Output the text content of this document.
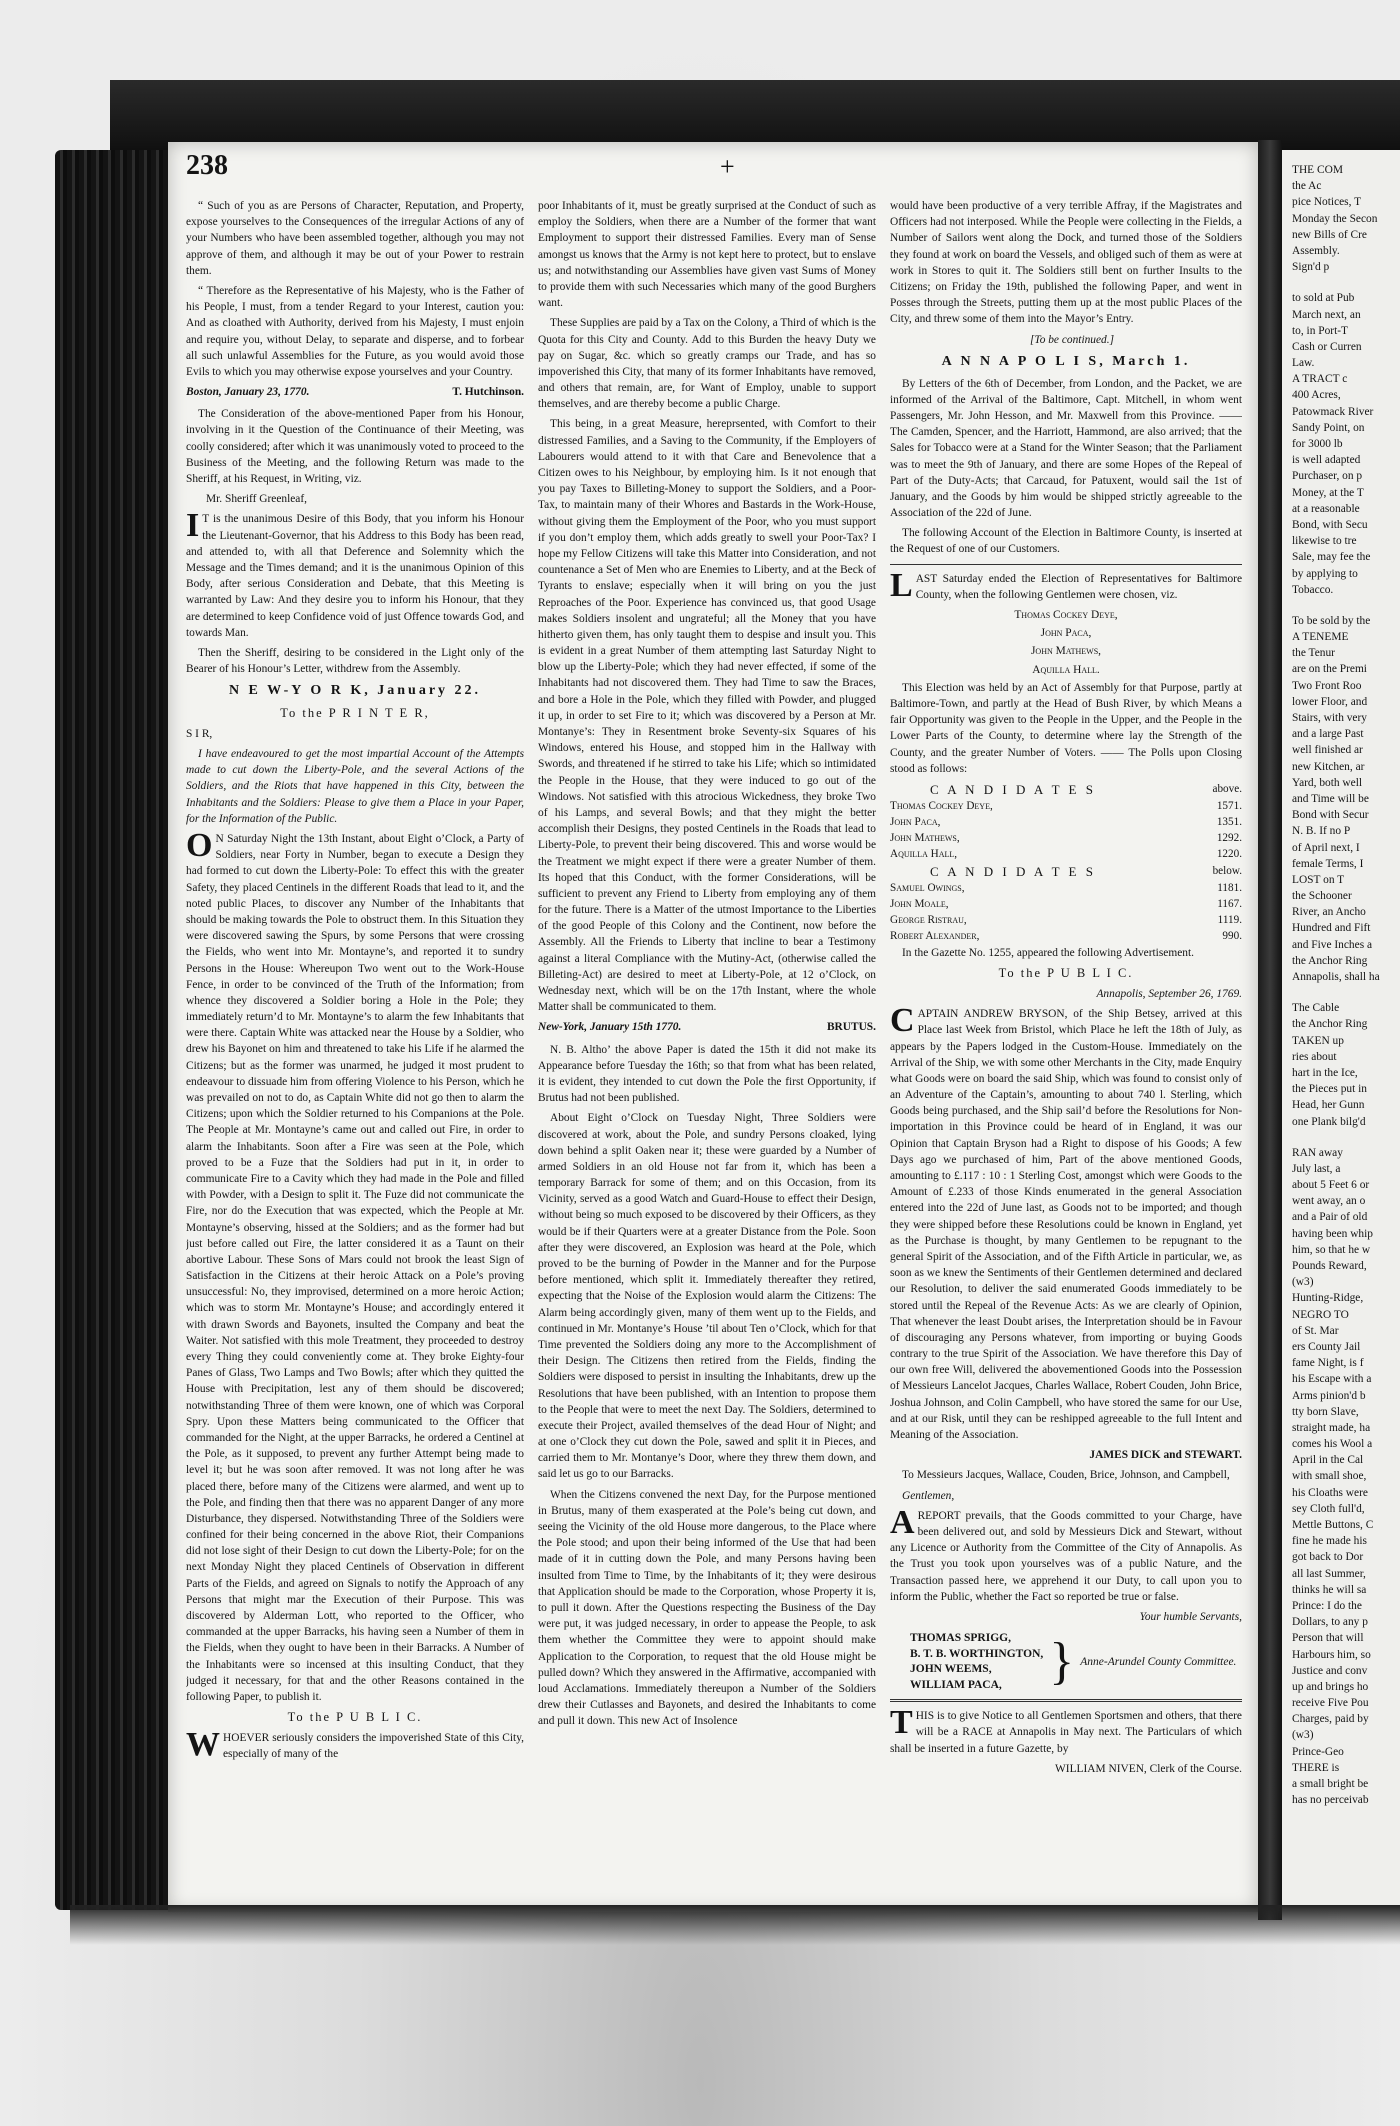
238	+

“ Such of you as are Persons of Character, Reputation, and Property, expose yourselves to the Consequences of the irregular Actions of any of your Numbers who have been assembled together, although you may not approve of them, and although it may be out of your Power to restrain them.

“ Therefore as the Representative of his Majesty, who is the Father of his People, I must, from a tender Regard to your Interest, caution you: And as cloathed with Authority, derived from his Majesty, I must enjoin and require you, without Delay, to separate and disperse, and to forbear all such unlawful Assemblies for the Future, as you would avoid those Evils to which you may otherwise expose yourselves and your Country.

Boston, January 23, 1770.	T. Hutchinson.

The Consideration of the above-mentioned Paper from his Honour, involving in it the Question of the Continuance of their Meeting, was coolly considered; after which it was unanimously voted to proceed to the Business of the Meeting, and the following Return was made to the Sheriff, at his Request, in Writing, viz.

Mr. Sheriff Greenleaf,

IT is the unanimous Desire of this Body, that you inform his Honour the Lieutenant-Governor, that his Address to this Body has been read, and attended to, with all that Deference and Solemnity which the Message and the Times demand; and it is the unanimous Opinion of this Body, after serious Consideration and Debate, that this Meeting is warranted by Law: And they desire you to inform his Honour, that they are determined to keep Confidence void of just Offence towards God, and towards Man.

Then the Sheriff, desiring to be considered in the Light only of the Bearer of his Honour’s Letter, withdrew from the Assembly.

N E W-Y O R K, January 22.
To the P R I N T E R,

S I R,

I have endeavoured to get the most impartial Account of the Attempts made to cut down the Liberty-Pole, and the several Actions of the Soldiers, and the Riots that have happened in this City, between the Inhabitants and the Soldiers: Please to give them a Place in your Paper, for the Information of the Public.

ON Saturday Night the 13th Instant, about Eight o’Clock, a Party of Soldiers, near Forty in Number, began to execute a Design they had formed to cut down the Liberty-Pole: To effect this with the greater Safety, they placed Centinels in the different Roads that lead to it, and the noted public Places, to discover any Number of the Inhabitants that should be making towards the Pole to obstruct them. In this Situation they were discovered sawing the Spurs, by some Persons that were crossing the Fields, who went into Mr. Montayne’s, and reported it to sundry Persons in the House: Whereupon Two went out to the Work-House Fence, in order to be convinced of the Truth of the Information; from whence they discovered a Soldier boring a Hole in the Pole; they immediately return’d to Mr. Montayne’s to alarm the few Inhabitants that were there. Captain White was attacked near the House by a Soldier, who drew his Bayonet on him and threatened to take his Life if he alarmed the Citizens; but as the former was unarmed, he judged it most prudent to endeavour to dissuade him from offering Violence to his Person, which he was prevailed on not to do, as Captain White did not go then to alarm the Citizens; upon which the Soldier returned to his Companions at the Pole. The People at Mr. Montayne’s came out and called out Fire, in order to alarm the Inhabitants. Soon after a Fire was seen at the Pole, which proved to be a Fuze that the Soldiers had put in it, in order to communicate Fire to a Cavity which they had made in the Pole and filled with Powder, with a Design to split it. The Fuze did not communicate the Fire, nor do the Execution that was expected, which the People at Mr. Montayne’s observing, hissed at the Soldiers; and as the former had but just before called out Fire, the latter considered it as a Taunt on their abortive Labour. These Sons of Mars could not brook the least Sign of Satisfaction in the Citizens at their heroic Attack on a Pole’s proving unsuccessful: No, they improvised, determined on a more heroic Action; which was to storm Mr. Montayne’s House; and accordingly entered it with drawn Swords and Bayonets, insulted the Company and beat the Waiter. Not satisfied with this mole Treatment, they proceeded to destroy every Thing they could conveniently come at. They broke Eighty-four Panes of Glass, Two Lamps and Two Bowls; after which they quitted the House with Precipitation, lest any of them should be discovered; notwithstanding Three of them were known, one of which was Corporal Spry. Upon these Matters being communicated to the Officer that commanded for the Night, at the upper Barracks, he ordered a Centinel at the Pole, as it supposed, to prevent any further Attempt being made to level it; but he was soon after removed. It was not long after he was placed there, before many of the Citizens were alarmed, and went up to the Pole, and finding then that there was no apparent Danger of any more Disturbance, they dispersed. Notwithstanding Three of the Soldiers were confined for their being concerned in the above Riot, their Companions did not lose sight of their Design to cut down the Liberty-Pole; for on the next Monday Night they placed Centinels of Observation in different Parts of the Fields, and agreed on Signals to notify the Approach of any Persons that might mar the Execution of their Purpose. This was discovered by Alderman Lott, who reported to the Officer, who commanded at the upper Barracks, his having seen a Number of them in the Fields, when they ought to have been in their Barracks. A Number of the Inhabitants were so incensed at this insulting Conduct, that they judged it necessary, for that and the other Reasons contained in the following Paper, to publish it.

To the P U B L I C.

WHOEVER seriously considers the impoverished State of this City, especially of many of the

poor Inhabitants of it, must be greatly surprised at the Conduct of such as employ the Soldiers, when there are a Number of the former that want Employment to support their distressed Families. Every man of Sense amongst us knows that the Army is not kept here to protect, but to enslave us; and notwithstanding our Assemblies have given vast Sums of Money to provide them with such Necessaries which many of the good Burghers want.

These Supplies are paid by a Tax on the Colony, a Third of which is the Quota for this City and County. Add to this Burden the heavy Duty we pay on Sugar, &c. which so greatly cramps our Trade, and has so impoverished this City, that many of its former Inhabitants have removed, and others that remain, are, for Want of Employ, unable to support themselves, and are thereby become a public Charge.

This being, in a great Measure, hereprsented, with Comfort to their distressed Families, and a Saving to the Community, if the Employers of Labourers would attend to it with that Care and Benevolence that a Citizen owes to his Neighbour, by employing him. Is it not enough that you pay Taxes to Billeting-Money to support the Soldiers, and a Poor-Tax, to maintain many of their Whores and Bastards in the Work-House, without giving them the Employment of the Poor, who you must support if you don’t employ them, which adds greatly to swell your Poor-Tax? I hope my Fellow Citizens will take this Matter into Consideration, and not countenance a Set of Men who are Enemies to Liberty, and at the Beck of Tyrants to enslave; especially when it will bring on you the just Reproaches of the Poor. Experience has convinced us, that good Usage makes Soldiers insolent and ungrateful; all the Money that you have hitherto given them, has only taught them to despise and insult you. This is evident in a great Number of them attempting last Saturday Night to blow up the Liberty-Pole; which they had never effected, if some of the Inhabitants had not discovered them. They had Time to saw the Braces, and bore a Hole in the Pole, which they filled with Powder, and plugged it up, in order to set Fire to it; which was discovered by a Person at Mr. Montanye’s: They in Resentment broke Seventy-six Squares of his Windows, entered his House, and stopped him in the Hallway with Swords, and threatened if he stirred to take his Life; which so intimidated the People in the House, that they were induced to go out of the Windows. Not satisfied with this atrocious Wickedness, they broke Two of his Lamps, and several Bowls; and that they might the better accomplish their Designs, they posted Centinels in the Roads that lead to Liberty-Pole, to prevent their being discovered. This and worse would be the Treatment we might expect if there were a greater Number of them. Its hoped that this Conduct, with the former Considerations, will be sufficient to prevent any Friend to Liberty from employing any of them for the future. There is a Matter of the utmost Importance to the Liberties of the good People of this Colony and the Continent, now before the Assembly. All the Friends to Liberty that incline to bear a Testimony against a literal Compliance with the Mutiny-Act, (otherwise called the Billeting-Act) are desired to meet at Liberty-Pole, at 12 o’Clock, on Wednesday next, which will be on the 17th Instant, where the whole Matter shall be communicated to them.

New-York, January 15th 1770.	BRUTUS.

N. B. Altho’ the above Paper is dated the 15th it did not make its Appearance before Tuesday the 16th; so that from what has been related, it is evident, they intended to cut down the Pole the first Opportunity, if Brutus had not been published.

About Eight o’Clock on Tuesday Night, Three Soldiers were discovered at work, about the Pole, and sundry Persons cloaked, lying down behind a split Oaken near it; these were guarded by a Number of armed Soldiers in an old House not far from it, which has been a temporary Barrack for some of them; and on this Occasion, from its Vicinity, served as a good Watch and Guard-House to effect their Design, without being so much exposed to be discovered by their Officers, as they would be if their Quarters were at a greater Distance from the Pole. Soon after they were discovered, an Explosion was heard at the Pole, which proved to be the burning of Powder in the Manner and for the Purpose before mentioned, which split it. Immediately thereafter they retired, expecting that the Noise of the Explosion would alarm the Citizens: The Alarm being accordingly given, many of them went up to the Fields, and continued in Mr. Montanye’s House ’til about Ten o’Clock, which for that Time prevented the Soldiers doing any more to the Accomplishment of their Design. The Citizens then retired from the Fields, finding the Soldiers were disposed to persist in insulting the Inhabitants, drew up the Resolutions that have been published, with an Intention to propose them to the People that were to meet the next Day. The Soldiers, determined to execute their Project, availed themselves of the dead Hour of Night; and at one o’Clock they cut down the Pole, sawed and split it in Pieces, and carried them to Mr. Montanye’s Door, where they threw them down, and said let us go to our Barracks.

When the Citizens convened the next Day, for the Purpose mentioned in Brutus, many of them exasperated at the Pole’s being cut down, and seeing the Vicinity of the old House more dangerous, to the Place where the Pole stood; and upon their being informed of the Use that had been made of it in cutting down the Pole, and many Persons having been insulted from Time to Time, by the Inhabitants of it; they were desirous that Application should be made to the Corporation, whose Property it is, to pull it down. After the Questions respecting the Business of the Day were put, it was judged necessary, in order to appease the People, to ask them whether the Committee they were to appoint should make Application to the Corporation, to request that the old House might be pulled down? Which they answered in the Affirmative, accompanied with loud Acclamations. Immediately thereupon a Number of the Soldiers drew their Cutlasses and Bayonets, and desired the Inhabitants to come and pull it down. This new Act of Insolence

would have been productive of a very terrible Affray, if the Magistrates and Officers had not interposed. While the People were collecting in the Fields, a Number of Sailors went along the Dock, and turned those of the Soldiers they found at work on board the Vessels, and obliged such of them as were at work in Stores to quit it. The Soldiers still bent on further Insults to the Citizens; on Friday the 19th, published the following Paper, and went in Posses through the Streets, putting them up at the most public Places of the City, and threw some of them into the Mayor’s Entry.

[To be continued.]

A N N A P O L I S, March 1.

By Letters of the 6th of December, from London, and the Packet, we are informed of the Arrival of the Baltimore, Capt. Mitchell, in whom went Passengers, Mr. John Hesson, and Mr. Maxwell from this Province. —— The Camden, Spencer, and the Harriott, Hammond, are also arrived; that the Sales for Tobacco were at a Stand for the Winter Season; that the Parliament was to meet the 9th of January, and there are some Hopes of the Repeal of Part of the Duty-Acts; that Carcaud, for Patuxent, would sail the 1st of January, and the Goods by him would be shipped strictly agreeable to the Association of the 22d of June.

The following Account of the Election in Baltimore County, is inserted at the Request of one of our Customers.

LAST Saturday ended the Election of Representatives for Baltimore County, when the following Gentlemen were chosen, viz.

Thomas Cockey Deye,
John Paca,
John Mathews,
Aquilla Hall.

This Election was held by an Act of Assembly for that Purpose, partly at Baltimore-Town, and partly at the Head of Bush River, by which Means a fair Opportunity was given to the People in the Upper, and the People in the Lower Parts of the County, to determine where lay the Strength of the County, and the greater Number of Voters. —— The Polls upon Closing stood as follows:

C A N D I D A T E S	above.
Thomas Cockey Deye,	1571.
John Paca,	1351.
John Mathews,	1292.
Aquilla Hall,	1220.
C A N D I D A T E S	below.
Samuel Owings,	1181.
John Moale,	1167.
George Ristrau,	1119.
Robert Alexander,	990.

In the Gazette No. 1255, appeared the following Advertisement.

To the P U B L I C.

Annapolis, September 26, 1769.

CAPTAIN ANDREW BRYSON, of the Ship Betsey, arrived at this Place last Week from Bristol, which Place he left the 18th of July, as appears by the Papers lodged in the Custom-House. Immediately on the Arrival of the Ship, we with some other Merchants in the City, made Enquiry what Goods were on board the said Ship, which was found to consist only of an Adventure of the Captain’s, amounting to about 740 l. Sterling, which Goods being purchased, and the Ship sail’d before the Resolutions for Non-importation in this Province could be heard of in England, it was our Opinion that Captain Bryson had a Right to dispose of his Goods; A few Days ago we purchased of him, Part of the above mentioned Goods, amounting to £.117 : 10 : 1 Sterling Cost, amongst which were Goods to the Amount of £.233 of those Kinds enumerated in the general Association entered into the 22d of June last, as Goods not to be imported; and though they were shipped before these Resolutions could be known in England, yet as the Purchase is thought, by many Gentlemen to be repugnant to the general Spirit of the Association, and of the Fifth Article in particular, we, as soon as we knew the Sentiments of their Gentlemen determined and declared our Resolution, to deliver the said enumerated Goods immediately to be stored until the Repeal of the Revenue Acts: As we are clearly of Opinion, That whenever the least Doubt arises, the Interpretation should be in Favour of discouraging any Persons whatever, from importing or buying Goods contrary to the true Spirit of the Association. We have therefore this Day of our own free Will, delivered the abovementioned Goods into the Possession of Messieurs Lancelot Jacques, Charles Wallace, Robert Couden, John Brice, Joshua Johnson, and Colin Campbell, who have stored the same for our Use, and at our Risk, until they can be reshipped agreeable to the full Intent and Meaning of the Association.

JAMES DICK and STEWART.

To Messieurs Jacques, Wallace, Couden, Brice, Johnson, and Campbell,

Gentlemen,

AREPORT prevails, that the Goods committed to your Charge, have been delivered out, and sold by Messieurs Dick and Stewart, without any Licence or Authority from the Committee of the City of Annapolis. As the Trust you took upon yourselves was of a public Nature, and the Transaction passed here, we apprehend it our Duty, to call upon you to inform the Public, whether the Fact so reported be true or false.

Your humble Servants,

THOMAS SPRIGG,
B. T. B. WORTHINGTON,
JOHN WEEMS,
WILLIAM PACA, } Anne-Arundel County Committee.

THIS is to give Notice to all Gentlemen Sportsmen and others, that there will be a RACE at Annapolis in May next. The Particulars of which shall be inserted in a future Gazette, by

WILLIAM NIVEN, Clerk of the Course.

THE COM
the Ac
pice Notices, T
Monday the Secon
new Bills of Cre
Assembly.
Sign'd p
to sold at Pub
March next, an
to, in Port-T
Cash or Curren
Law.
A TRACT c
400 Acres,
Patowmack River
Sandy Point, on
for 3000 lb
is well adapted
Purchaser, on p
Money, at the T
at a reasonable
Bond, with Secu
likewise to tre
Sale, may fee the
by applying to
Tobacco.
To be sold by the
A TENEME
the Tenur
are on the Premi
Two Front Roo
lower Floor, and
Stairs, with very
and a large Past
well finished ar
new Kitchen, ar
Yard, both well
and Time will be
Bond with Secur
N. B. If no P
of April next, I
female Terms, I
LOST on T
the Schooner
River, an Ancho
Hundred and Fift
and Five Inches a
the Anchor Ring
Annapolis, shall ha
The Cable
the Anchor Ring
TAKEN up
ries about
hart in the Ice,
the Pieces put in
Head, her Gunn
one Plank bilg'd
RAN away
July last, a
about 5 Feet 6 or
went away, an o
and a Pair of old
having been whip
him, so that he w
Pounds Reward,
(w3)
Hunting-Ridge,
NEGRO TO
of St. Mar
ers County Jail
fame Night, is f
his Escape with a
Arms pinion'd b
tty born Slave,
straight made, ha
comes his Wool a
April in the Cal
with small shoe,
his Cloaths were
sey Cloth full'd,
Mettle Buttons, C
fine he made his
got back to Dor
all last Summer,
thinks he will sa
Prince: I do the
Dollars, to any p
Person that will
Harbours him, so
Justice and conv
up and brings ho
receive Five Pou
Charges, paid by
(w3)
Prince-Geo
THERE is
a small bright be
has no perceivab
